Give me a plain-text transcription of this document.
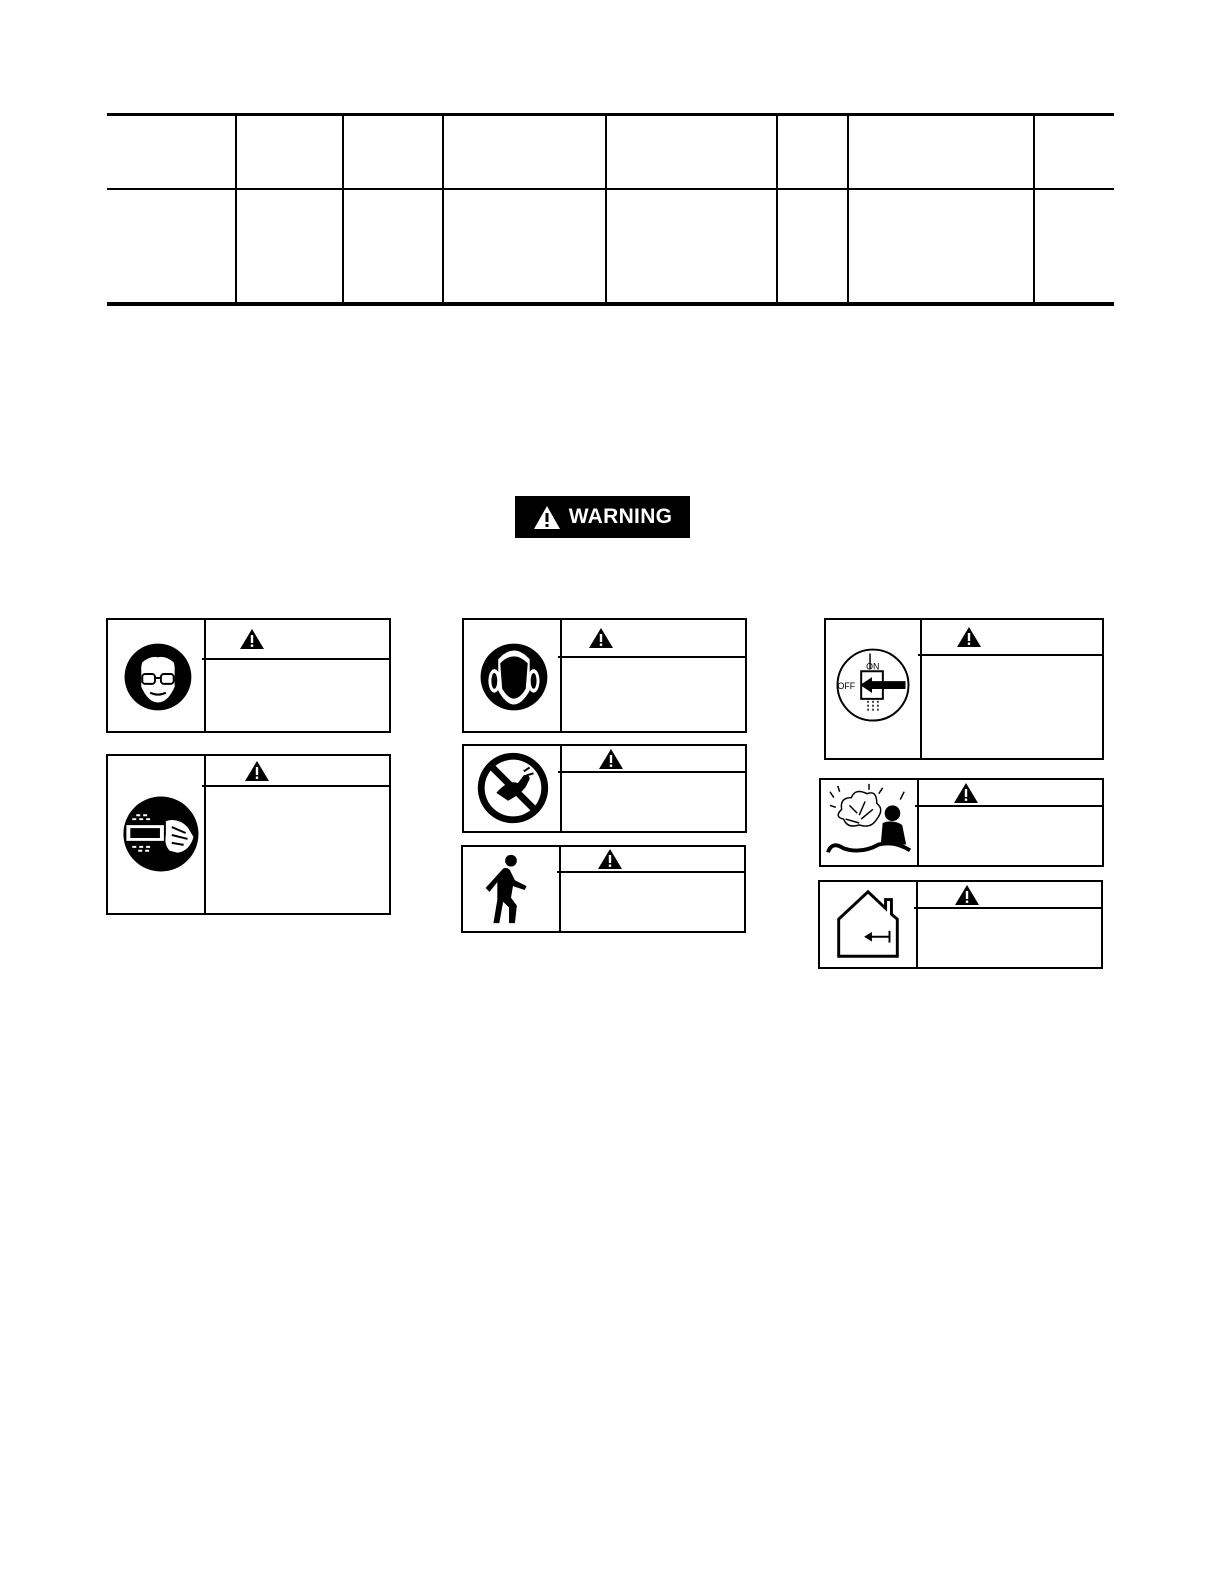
WARNING
ON
OFF
